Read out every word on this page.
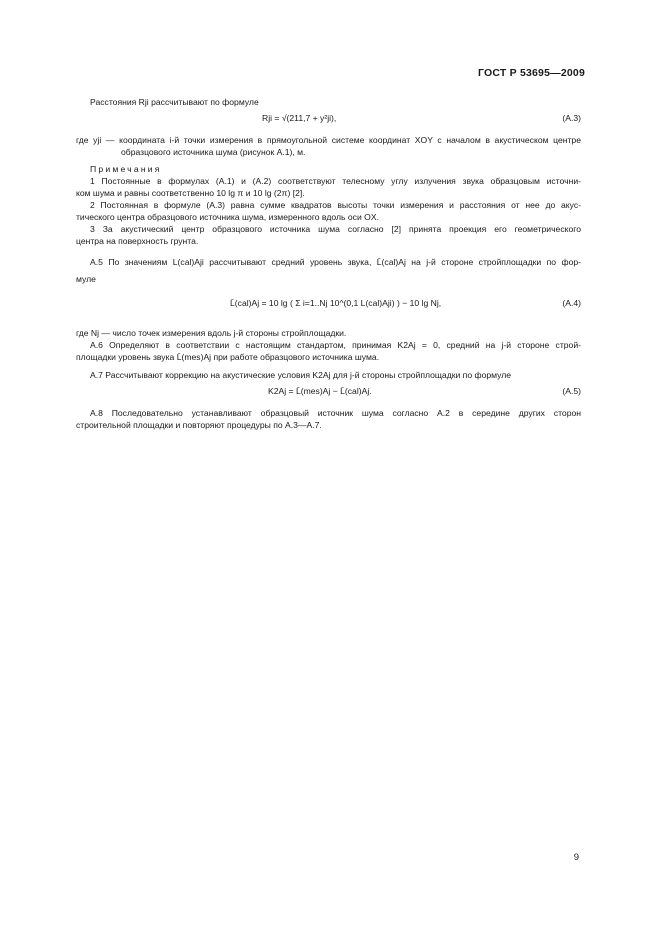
ГОСТ Р 53695—2009
Расстояния Rji рассчитывают по формуле
Rji = √(211,7 + y²ji),	(А.3)
где yji — координата i-й точки измерения в прямоугольной системе координат XOY с началом в акустическом центре
образцового источника шума (рисунок А.1), м.
Примечания
1 Постоянные в формулах (А.1) и (А.2) соответствуют телесному углу излучения звука образцовым источни-
ком шума и равны соответственно 10 lg π и 10 lg (2π) [2].
2 Постоянная в формуле (А.3) равна сумме квадратов высоты точки измерения и расстояния от нее до акус-
тического центра образцового источника шума, измеренного вдоль оси OX.
3 За акустический центр образцового источника шума согласно [2] принята проекция его геометрического
центра на поверхность грунта.
А.5 По значениям L(cal)Aji рассчитывают средний уровень звука, L̄(cal)Aj на j-й стороне стройплощадки по фор-
муле
L̄(cal)Aj = 10 lg ( Σ i=1..Nj 10^(0,1 L(cal)Aji) ) − 10 lg Nj,	(А.4)
где Nj — число точек измерения вдоль j-й стороны стройплощадки.
А.6 Определяют в соответствии с настоящим стандартом, принимая K2Aj = 0, средний на j-й стороне строй-
площадки уровень звука L̄(mes)Aj при работе образцового источника шума.
А.7 Рассчитывают коррекцию на акустические условия K2Aj для j-й стороны стройплощадки по формуле
K2Aj = L̄(mes)Aj − L̄(cal)Aj.	(А.5)
А.8 Последовательно устанавливают образцовый источник шума согласно А.2 в середине других сторон
строительной площадки и повторяют процедуры по А.3—А.7.
9
